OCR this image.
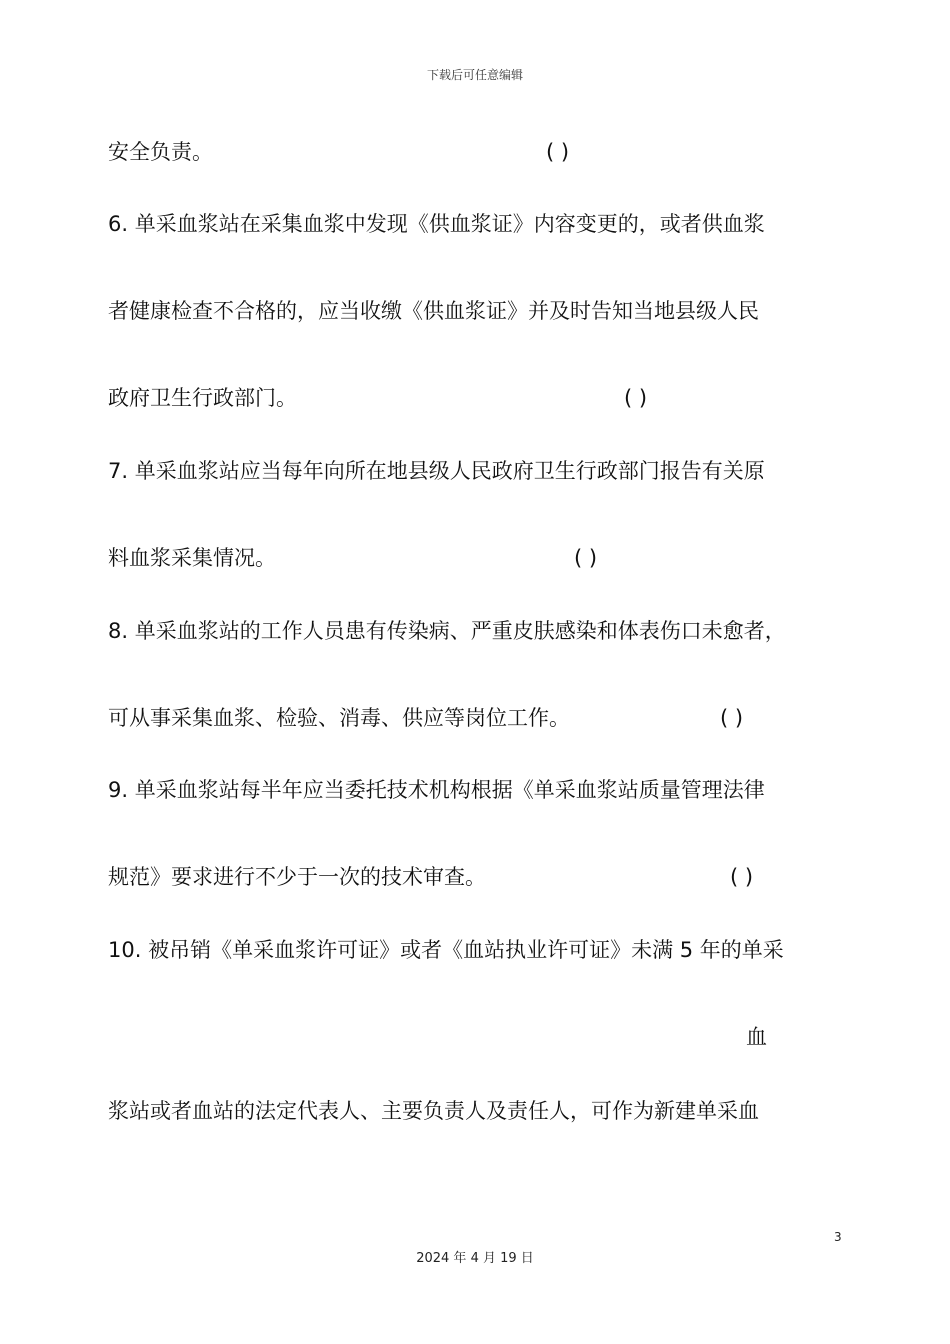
下载后可任意编辑
安全负责。	( )
6. 单采血浆站在采集血浆中发现《供血浆证》内容变更的，或者供血浆
者健康检查不合格的，应当收缴《供血浆证》并及时告知当地县级人民
政府卫生行政部门。	( )
7. 单采血浆站应当每年向所在地县级人民政府卫生行政部门报告有关原
料血浆采集情况。	( )
8. 单采血浆站的工作人员患有传染病、严重皮肤感染和体表伤口未愈者，
可从事采集血浆、检验、消毒、供应等岗位工作。	( )
9. 单采血浆站每半年应当委托技术机构根据《单采血浆站质量管理法律
规范》要求进行不少于一次的技术审查。	( )
10. 被吊销《单采血浆许可证》或者《血站执业许可证》未满 5 年的单采
血
浆站或者血站的法定代表人、主要负责人及责任人，可作为新建单采血
3
2024 年 4 月 19 日
